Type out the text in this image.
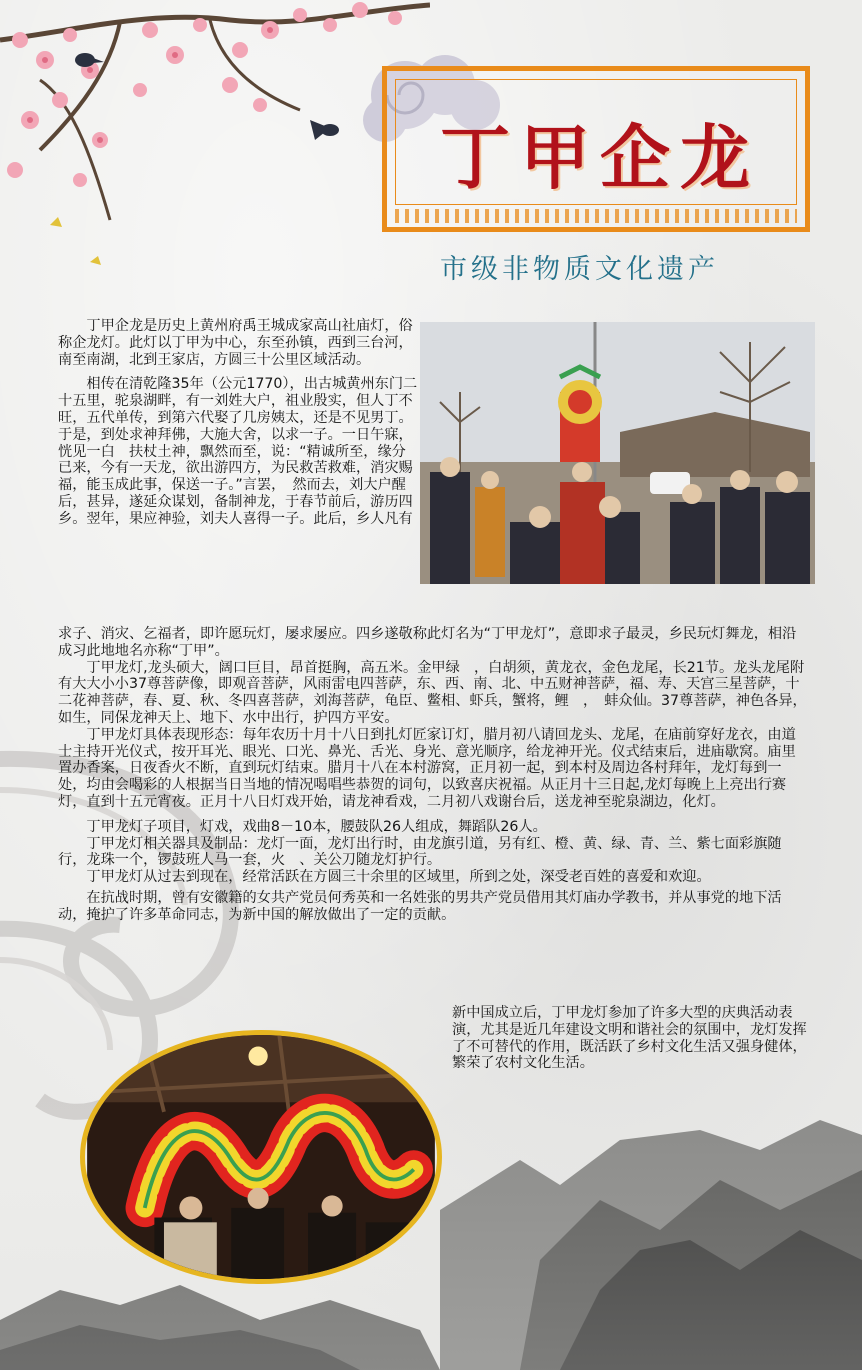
丁甲企龙
市级非物质文化遗产

丁甲企龙是历史上黄州府禹王城成家高山社庙灯，俗称企龙灯。此灯以丁甲为中心，东至孙镇，西到三台河，南至南湖，北到王家店，方圆三十公里区域活动。

相传在清乾隆35年（公元1770），出古城黄州东门二十五里，驼泉湖畔，有一刘姓大户，祖业殷实，但人丁不旺，五代单传，到第六代娶了几房姨太，还是不见男丁。于是，到处求神拜佛，大施大舍，以求一子。一日午寐，恍见一白　扶杖土神，飘然而至，说：“精诚所至，缘分已来，今有一天龙，欲出游四方，为民救苦救难，消灾赐福，能玉成此事，保送一子。”言罢，　然而去，刘大户醒后，甚异，遂延众谋划，备制神龙，于春节前后，游历四乡。翌年，果应神验，刘夫人喜得一子。此后，乡人凡有

求子、消灾、乞福者，即许愿玩灯，屡求屡应。四乡遂敬称此灯名为“丁甲龙灯”，意即求子最灵，乡民玩灯舞龙，相沿成习此地地名亦称“丁甲”。

丁甲龙灯,龙头硕大，阔口巨目，昂首挺胸，高五米。金甲绿　，白胡须，黄龙衣，金色龙尾，长21节。龙头龙尾附有大大小小37尊菩萨像，即观音菩萨，风雨雷电四菩萨，东、西、南、北、中五财神菩萨，福、寿、天宫三星菩萨，十二花神菩萨，春、夏、秋、冬四喜菩萨，刘海菩萨，龟臣、鳖相、虾兵，蟹将，鲤　，　蚌众仙。37尊菩萨，神色各异，　如生，同保龙神天上、地下、水中出行，护四方平安。

丁甲龙灯具体表现形态：每年农历十月十八日到扎灯匠家订灯，腊月初八请回龙头、龙尾，在庙前穿好龙衣，由道士主持开光仪式，按开耳光、眼光、口光、鼻光、舌光、身光、意光顺序，给龙神开光。仪式结束后，进庙歇窝。庙里置办香案，日夜香火不断，直到玩灯结束。腊月十八在本村游窝，正月初一起，到本村及周边各村拜年，龙灯每到一处，均由会喝彩的人根据当日当地的情况喝唱些恭贺的词句，以致喜庆祝福。从正月十三日起,龙灯每晚上上亮出行赛灯，直到十五元宵夜。正月十八日灯戏开始，请龙神看戏，二月初八戏谢台后，送龙神至驼泉湖边，化灯。

丁甲龙灯子项目，灯戏，戏曲8－10本，腰鼓队26人组成，舞蹈队26人。

丁甲龙灯相关器具及制品：龙灯一面，龙灯出行时，由龙旗引道，另有红、橙、黄、绿、青、兰、紫七面彩旗随行，龙珠一个，锣鼓班人马一套，火　、关公刀随龙灯护行。

丁甲龙灯从过去到现在，经常活跃在方圆三十余里的区域里，所到之处，深受老百姓的喜爱和欢迎。

在抗战时期，曾有安徽籍的女共产党员何秀英和一名姓张的男共产党员借用其灯庙办学教书，并从事党的地下活动，掩护了许多革命同志，为新中国的解放做出了一定的贡献。

新中国成立后，丁甲龙灯参加了许多大型的庆典活动表演，尤其是近几年建设文明和谐社会的氛围中，龙灯发挥了不可替代的作用，既活跃了乡村文化生活又强身健体，繁荣了农村文化生活。
